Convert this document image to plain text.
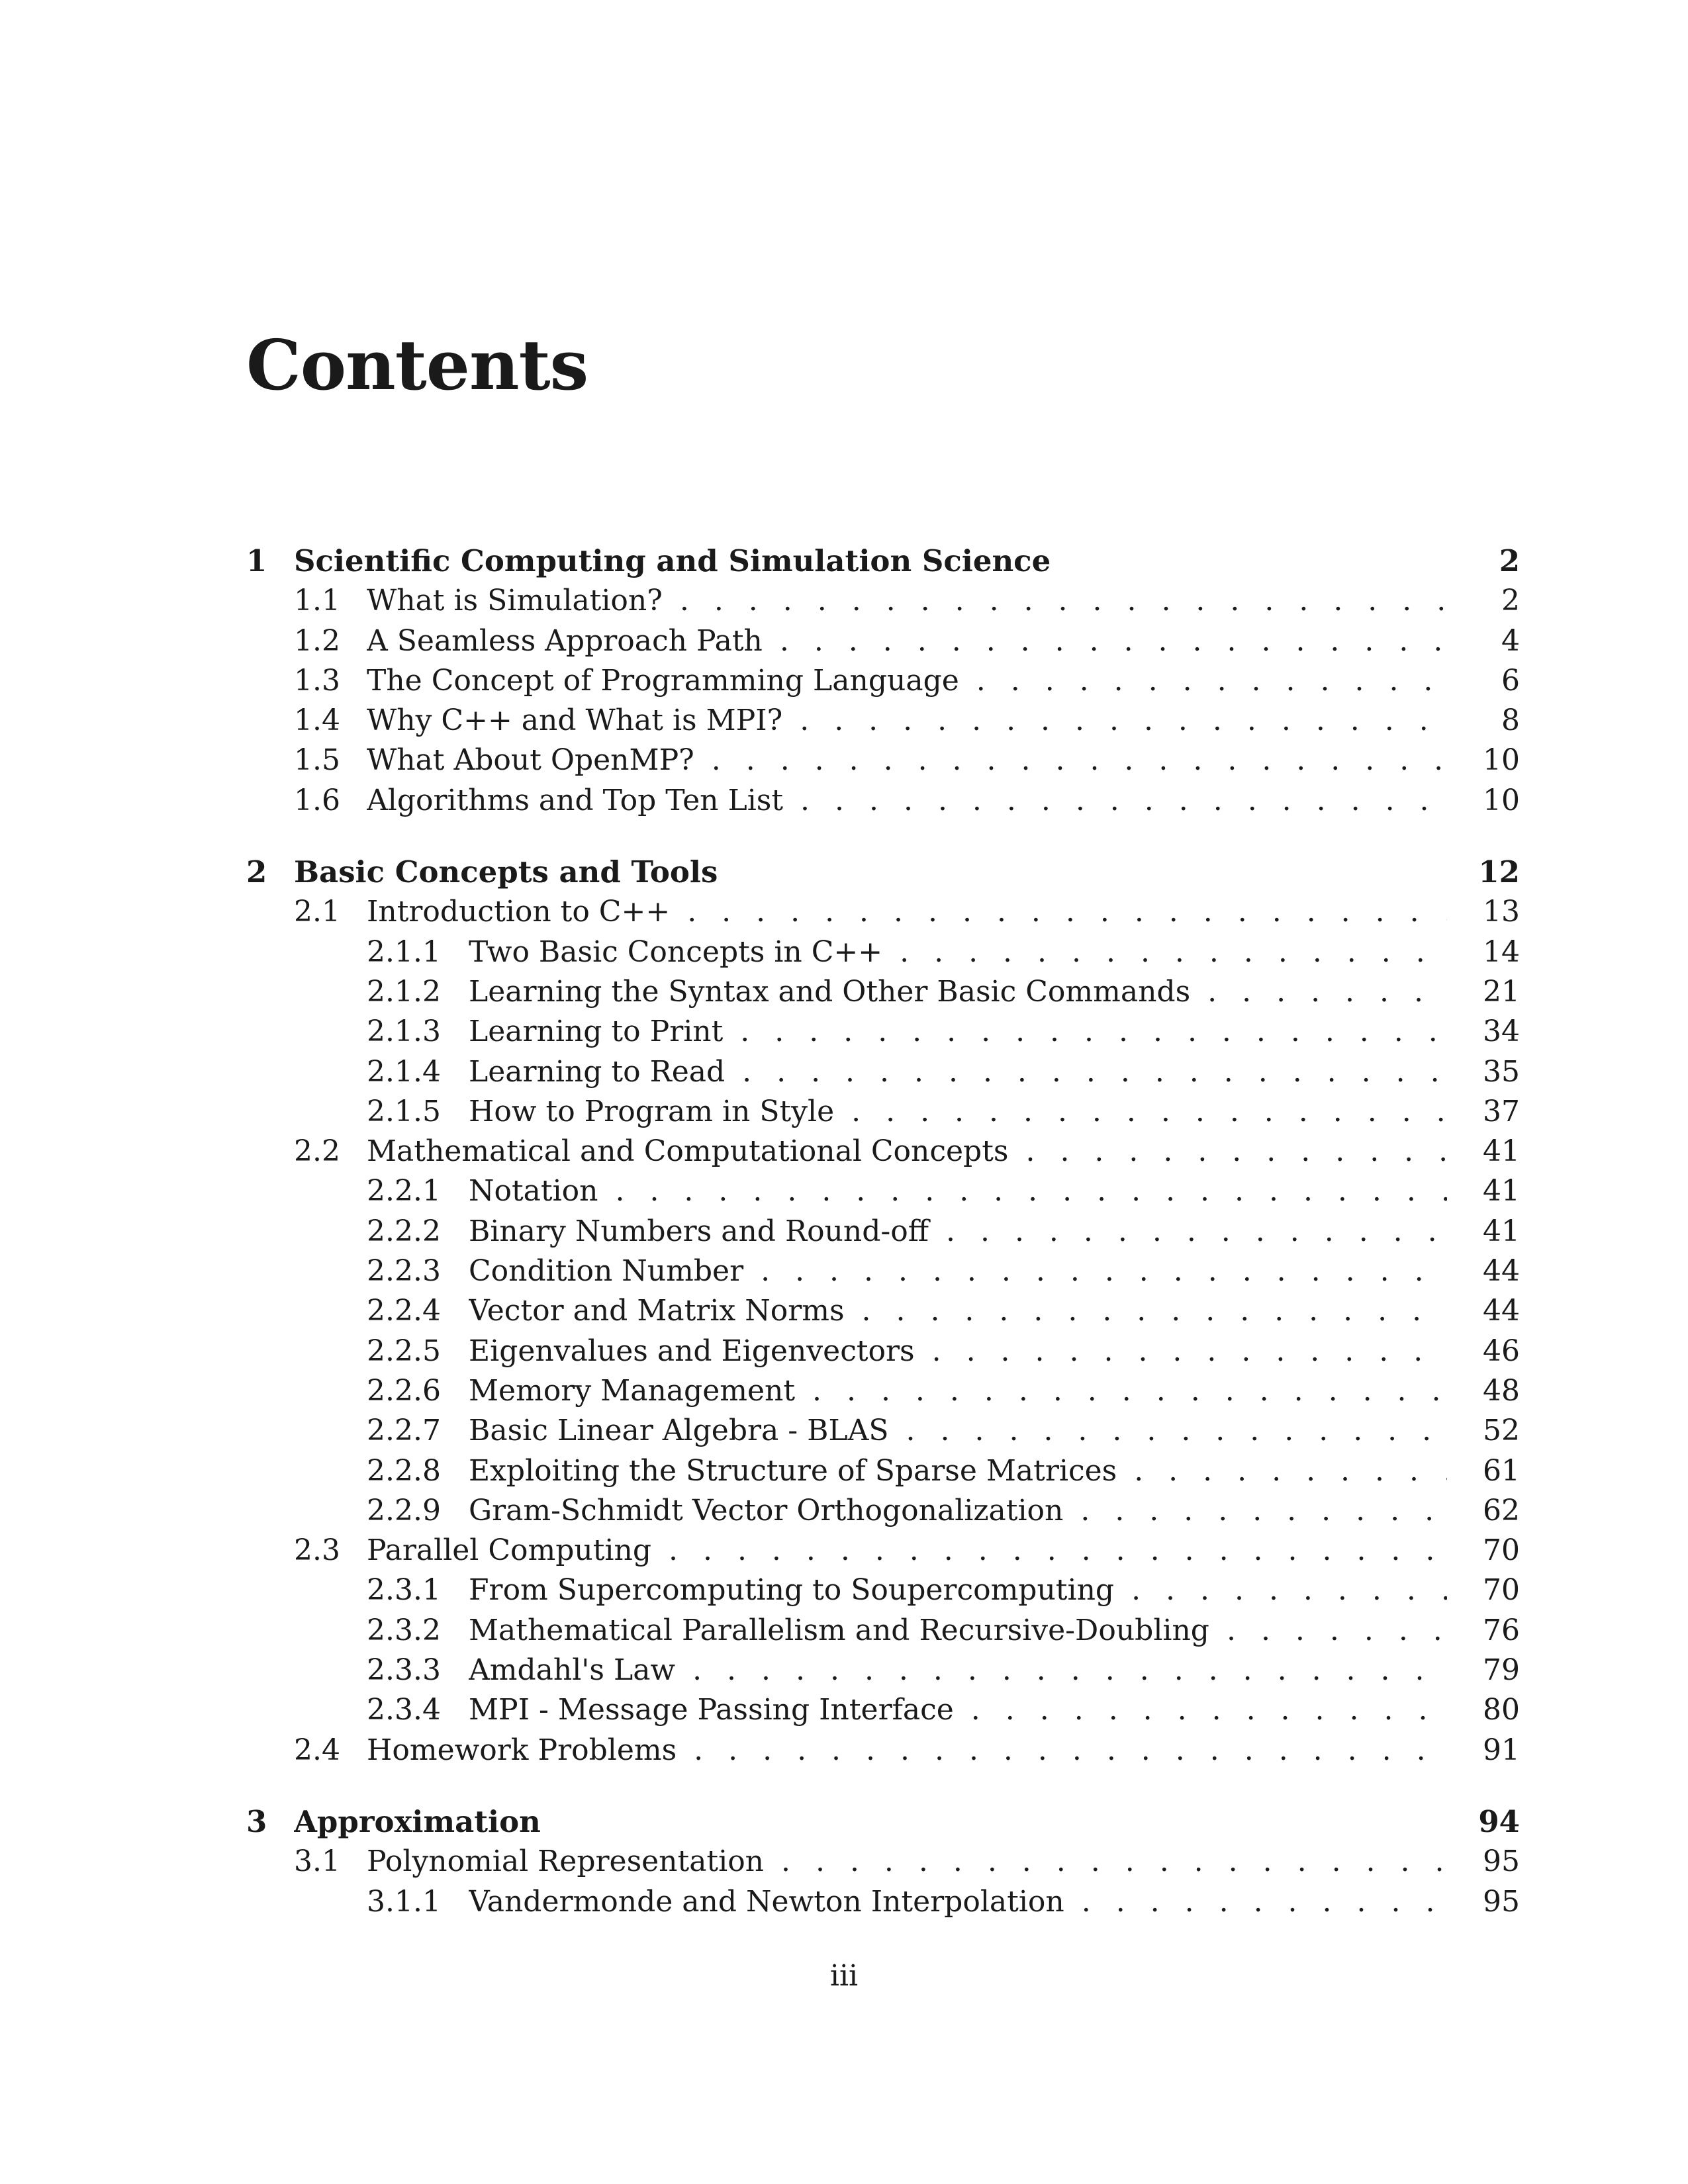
Contents
1 Scientific Computing and Simulation Science	2
1.1 What is Simulation? . . .	2
1.2 A Seamless Approach Path . . .	4
1.3 The Concept of Programming Language . . .	6
1.4 Why C++ and What is MPI? . . .	8
1.5 What About OpenMP? . . .	10
1.6 Algorithms and Top Ten List . . .	10
2 Basic Concepts and Tools	12
2.1 Introduction to C++ . . .	13
2.1.1 Two Basic Concepts in C++ . . .	14
2.1.2 Learning the Syntax and Other Basic Commands . . .	21
2.1.3 Learning to Print . . .	34
2.1.4 Learning to Read . . .	35
2.1.5 How to Program in Style . . .	37
2.2 Mathematical and Computational Concepts . . .	41
2.2.1 Notation . . .	41
2.2.2 Binary Numbers and Round-off . . .	41
2.2.3 Condition Number . . .	44
2.2.4 Vector and Matrix Norms . . .	44
2.2.5 Eigenvalues and Eigenvectors . . .	46
2.2.6 Memory Management . . .	48
2.2.7 Basic Linear Algebra - BLAS . . .	52
2.2.8 Exploiting the Structure of Sparse Matrices . . .	61
2.2.9 Gram-Schmidt Vector Orthogonalization . . .	62
2.3 Parallel Computing . . .	70
2.3.1 From Supercomputing to Soupercomputing . . .	70
2.3.2 Mathematical Parallelism and Recursive-Doubling . . .	76
2.3.3 Amdahl's Law . . .	79
2.3.4 MPI - Message Passing Interface . . .	80
2.4 Homework Problems . . .	91
3 Approximation	94
3.1 Polynomial Representation . . .	95
3.1.1 Vandermonde and Newton Interpolation . . .	95
iii
